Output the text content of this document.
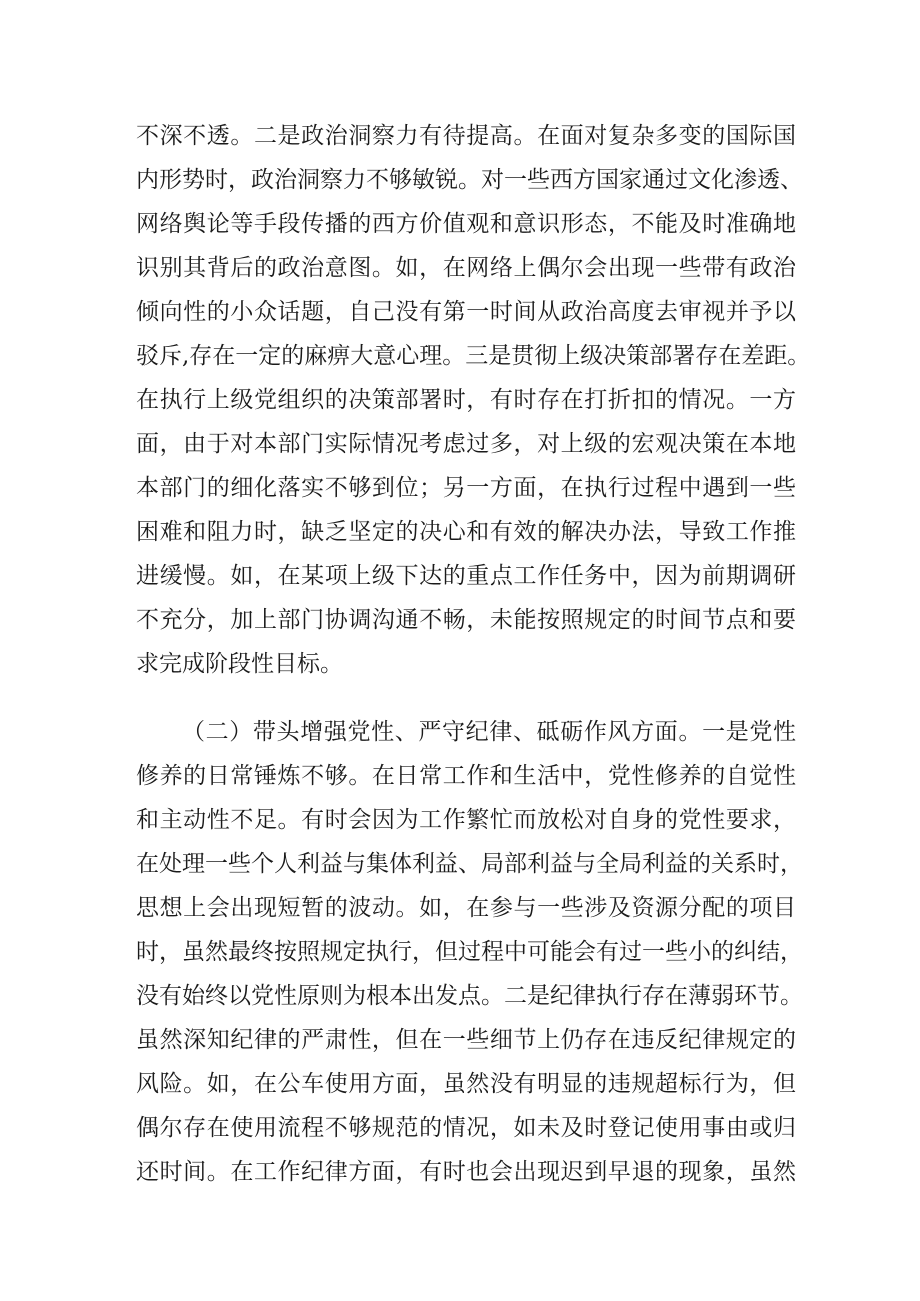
不深不透。二是政治洞察力有待提高。在面对复杂多变的国际国
内形势时，政治洞察力不够敏锐。对一些西方国家通过文化渗透、
网络舆论等手段传播的西方价值观和意识形态，不能及时准确地
识别其背后的政治意图。如，在网络上偶尔会出现一些带有政治
倾向性的小众话题，自己没有第一时间从政治高度去审视并予以
驳斥,存在一定的麻痹大意心理。三是贯彻上级决策部署存在差距。
在执行上级党组织的决策部署时，有时存在打折扣的情况。一方
面，由于对本部门实际情况考虑过多，对上级的宏观决策在本地
本部门的细化落实不够到位；另一方面，在执行过程中遇到一些
困难和阻力时，缺乏坚定的决心和有效的解决办法，导致工作推
进缓慢。如，在某项上级下达的重点工作任务中，因为前期调研
不充分，加上部门协调沟通不畅，未能按照规定的时间节点和要
求完成阶段性目标。
（二）带头增强党性、严守纪律、砥砺作风方面。一是党性
修养的日常锤炼不够。在日常工作和生活中，党性修养的自觉性
和主动性不足。有时会因为工作繁忙而放松对自身的党性要求，
在处理一些个人利益与集体利益、局部利益与全局利益的关系时，
思想上会出现短暂的波动。如，在参与一些涉及资源分配的项目
时，虽然最终按照规定执行，但过程中可能会有过一些小的纠结，
没有始终以党性原则为根本出发点。二是纪律执行存在薄弱环节。
虽然深知纪律的严肃性，但在一些细节上仍存在违反纪律规定的
风险。如，在公车使用方面，虽然没有明显的违规超标行为，但
偶尔存在使用流程不够规范的情况，如未及时登记使用事由或归
还时间。在工作纪律方面，有时也会出现迟到早退的现象，虽然
